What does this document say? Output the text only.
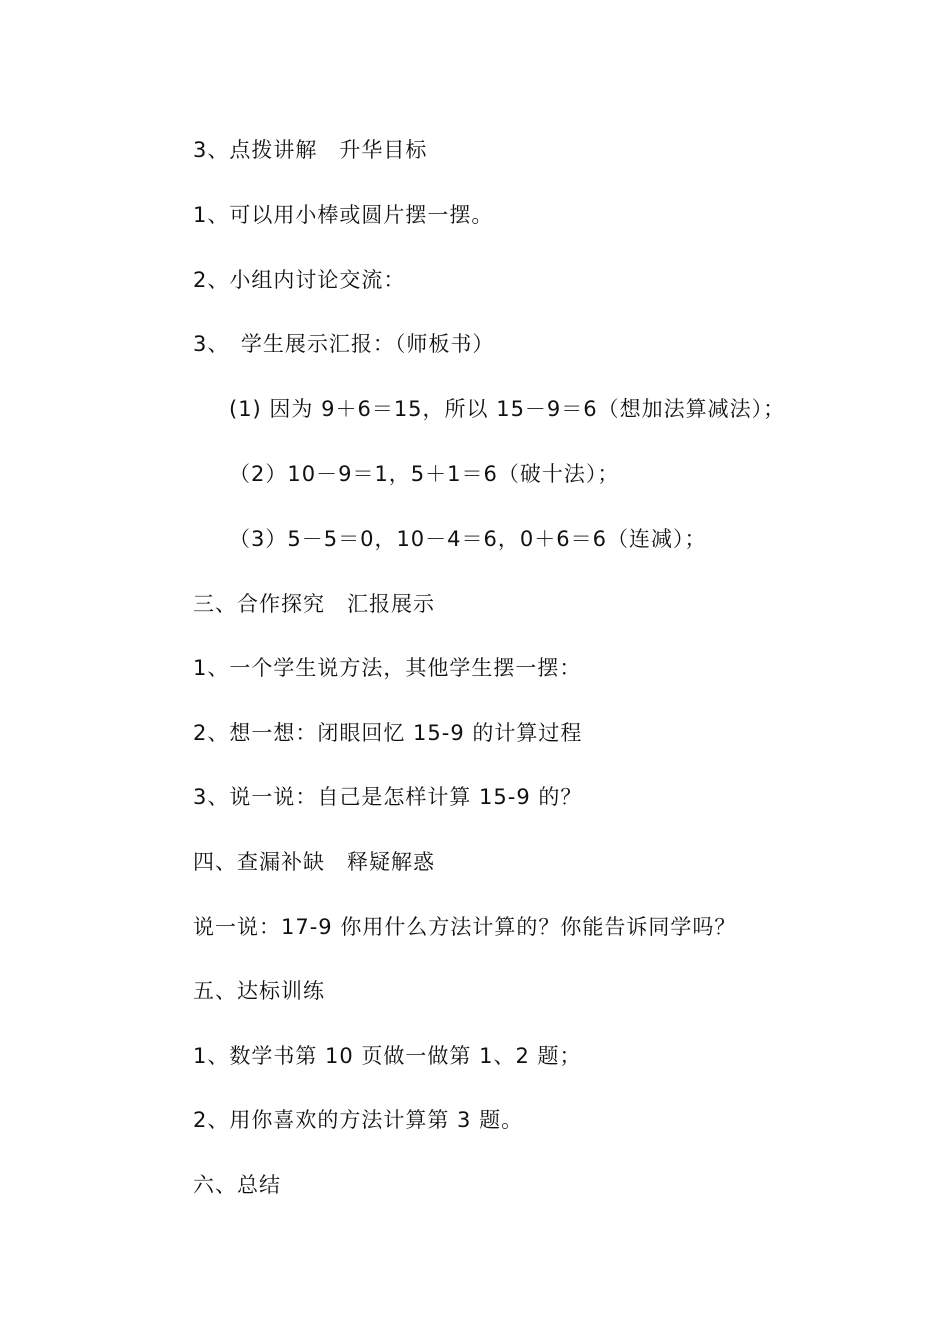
3、点拨讲解　升华目标
1、可以用小棒或圆片摆一摆。
2、小组内讨论交流：
3、　学生展示汇报：（师板书）
(1) 因为 9＋6＝15，所以 15－9＝6（想加法算减法）；
（2）10－9＝1，5＋1＝6（破十法）；
（3）5－5＝0，10－4＝6，0＋6＝6（连减）；
三、合作探究　汇报展示
1、一个学生说方法，其他学生摆一摆：
2、想一想：闭眼回忆 15-9 的计算过程
3、说一说：自己是怎样计算 15-9 的？
四、查漏补缺　释疑解惑
说一说：17-9 你用什么方法计算的？你能告诉同学吗？
五、达标训练
1、数学书第 10 页做一做第 1、2 题；
2、用你喜欢的方法计算第 3 题。
六、总结
